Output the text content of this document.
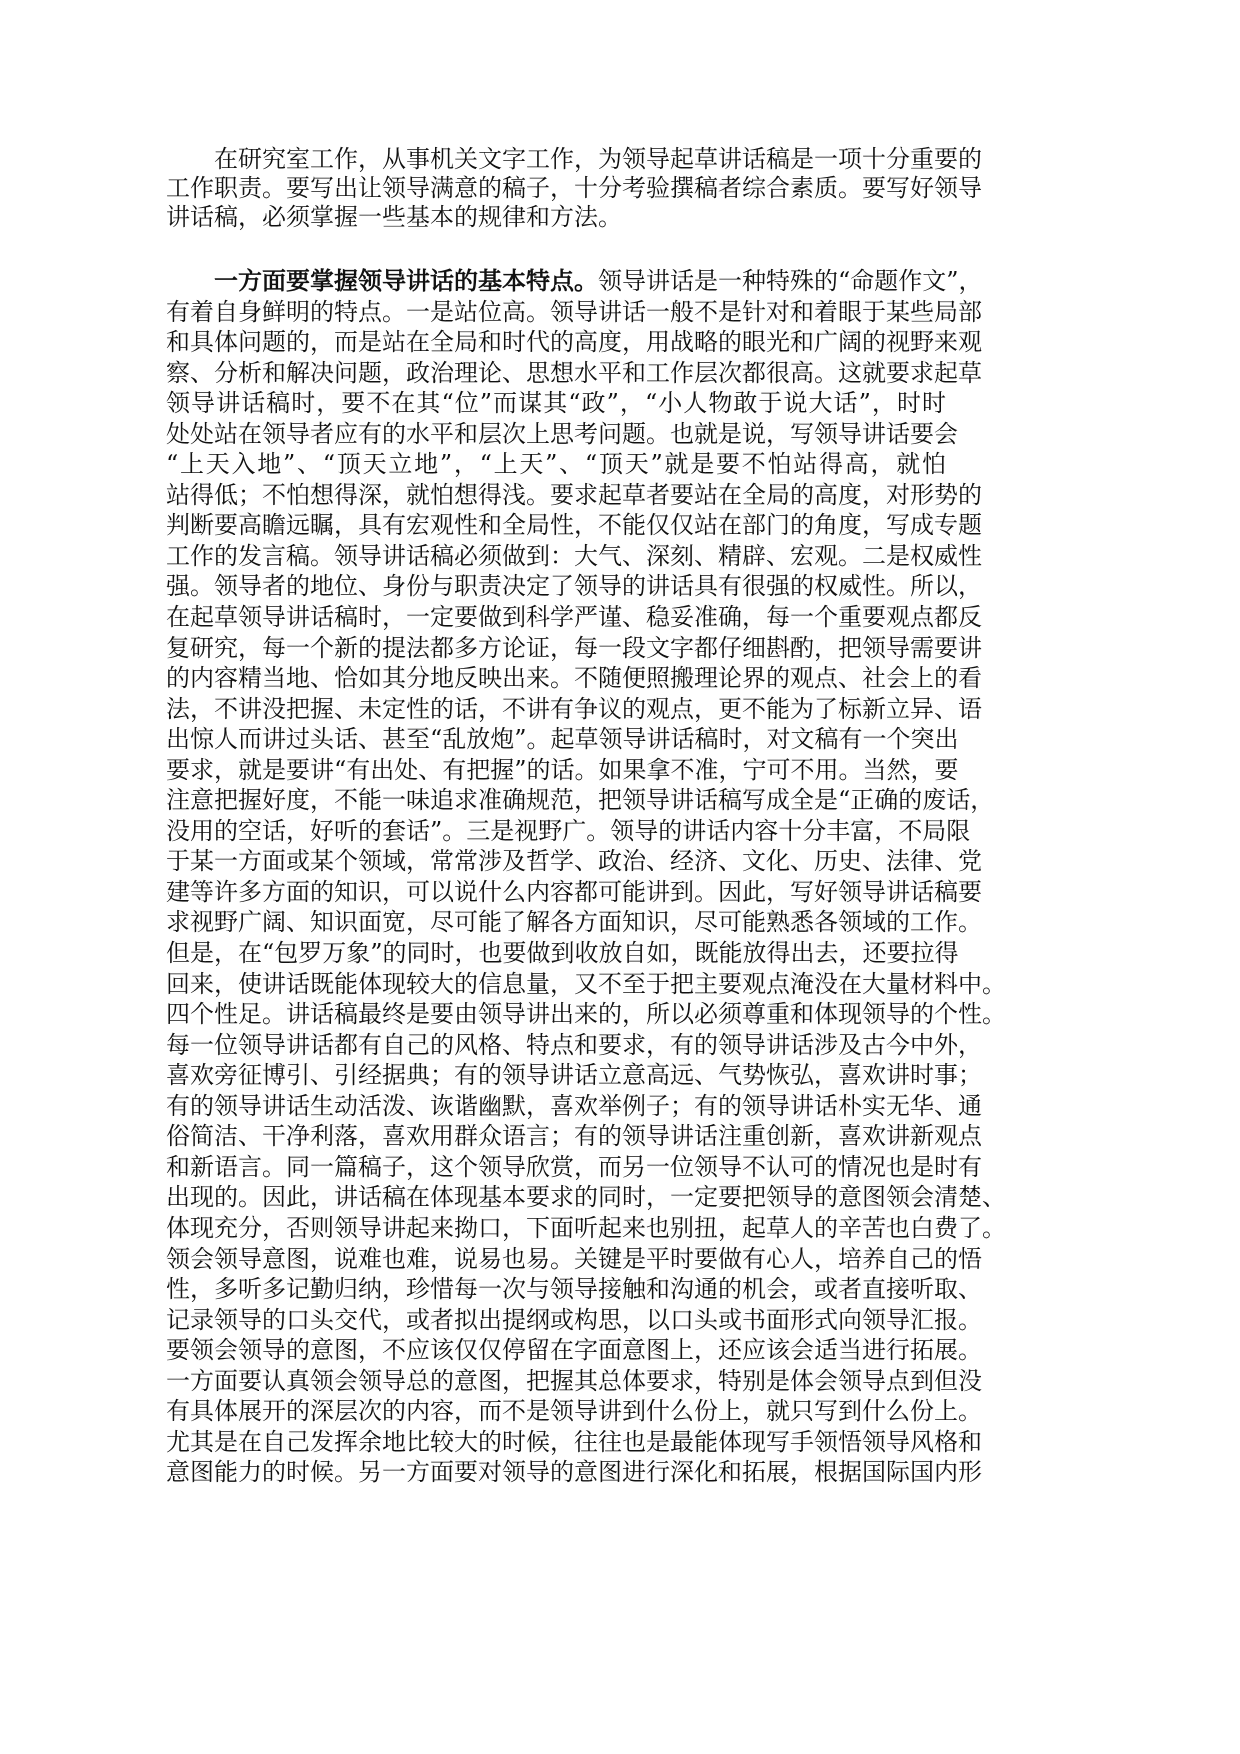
在研究室工作，从事机关文字工作，为领导起草讲话稿是一项十分重要的
工作职责。要写出让领导满意的稿子，十分考验撰稿者综合素质。要写好领导
讲话稿，必须掌握一些基本的规律和方法。
一方面要掌握领导讲话的基本特点。领导讲话是一种特殊的“命题作文”，
有着自身鲜明的特点。一是站位高。领导讲话一般不是针对和着眼于某些局部
和具体问题的，而是站在全局和时代的高度，用战略的眼光和广阔的视野来观
察、分析和解决问题，政治理论、思想水平和工作层次都很高。这就要求起草
领导讲话稿时，要不在其“位”而谋其“政”，“小人物敢于说大话”，时时
处处站在领导者应有的水平和层次上思考问题。也就是说，写领导讲话要会
“上天入地”、“顶天立地”，“上天”、“顶天”就是要不怕站得高，就怕
站得低；不怕想得深，就怕想得浅。要求起草者要站在全局的高度，对形势的
判断要高瞻远瞩，具有宏观性和全局性，不能仅仅站在部门的角度，写成专题
工作的发言稿。领导讲话稿必须做到：大气、深刻、精辟、宏观。二是权威性
强。领导者的地位、身份与职责决定了领导的讲话具有很强的权威性。所以，
在起草领导讲话稿时，一定要做到科学严谨、稳妥准确，每一个重要观点都反
复研究，每一个新的提法都多方论证，每一段文字都仔细斟酌，把领导需要讲
的内容精当地、恰如其分地反映出来。不随便照搬理论界的观点、社会上的看
法，不讲没把握、未定性的话，不讲有争议的观点，更不能为了标新立异、语
出惊人而讲过头话、甚至“乱放炮”。起草领导讲话稿时，对文稿有一个突出
要求，就是要讲“有出处、有把握”的话。如果拿不准，宁可不用。当然，要
注意把握好度，不能一味追求准确规范，把领导讲话稿写成全是“正确的废话，
没用的空话，好听的套话”。三是视野广。领导的讲话内容十分丰富，不局限
于某一方面或某个领域，常常涉及哲学、政治、经济、文化、历史、法律、党
建等许多方面的知识，可以说什么内容都可能讲到。因此，写好领导讲话稿要
求视野广阔、知识面宽，尽可能了解各方面知识，尽可能熟悉各领域的工作。
但是，在“包罗万象”的同时，也要做到收放自如，既能放得出去，还要拉得
回来，使讲话既能体现较大的信息量，又不至于把主要观点淹没在大量材料中。
四个性足。讲话稿最终是要由领导讲出来的，所以必须尊重和体现领导的个性。
每一位领导讲话都有自己的风格、特点和要求，有的领导讲话涉及古今中外，
喜欢旁征博引、引经据典；有的领导讲话立意高远、气势恢弘，喜欢讲时事；
有的领导讲话生动活泼、诙谐幽默，喜欢举例子；有的领导讲话朴实无华、通
俗简洁、干净利落，喜欢用群众语言；有的领导讲话注重创新，喜欢讲新观点
和新语言。同一篇稿子，这个领导欣赏，而另一位领导不认可的情况也是时有
出现的。因此，讲话稿在体现基本要求的同时，一定要把领导的意图领会清楚、
体现充分，否则领导讲起来拗口，下面听起来也别扭，起草人的辛苦也白费了。
领会领导意图，说难也难，说易也易。关键是平时要做有心人，培养自己的悟
性，多听多记勤归纳，珍惜每一次与领导接触和沟通的机会，或者直接听取、
记录领导的口头交代，或者拟出提纲或构思，以口头或书面形式向领导汇报。
要领会领导的意图，不应该仅仅停留在字面意图上，还应该会适当进行拓展。
一方面要认真领会领导总的意图，把握其总体要求，特别是体会领导点到但没
有具体展开的深层次的内容，而不是领导讲到什么份上，就只写到什么份上。
尤其是在自己发挥余地比较大的时候，往往也是最能体现写手领悟领导风格和
意图能力的时候。另一方面要对领导的意图进行深化和拓展，根据国际国内形
